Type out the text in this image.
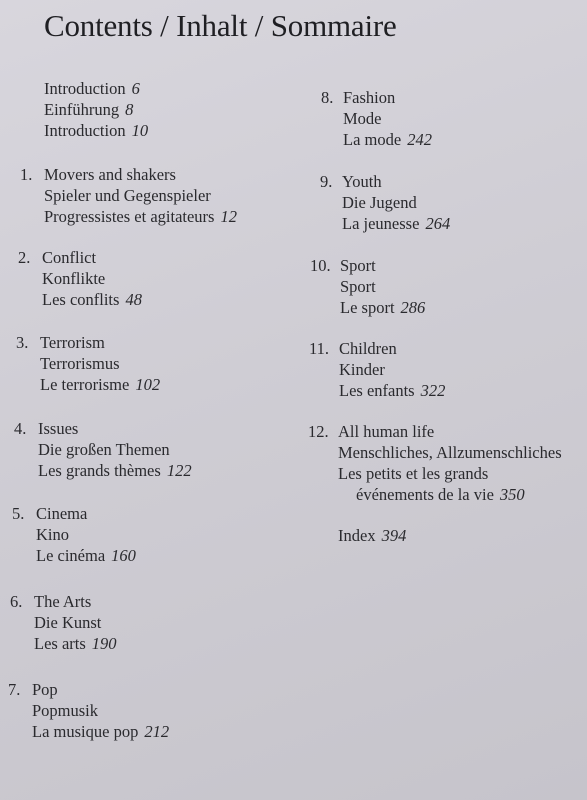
Contents / Inhalt / Sommaire
Introduction 6
Einführung 8
Introduction 10
1. Movers and shakers
Spieler und Gegenspieler
Progressistes et agitateurs 12
2. Conflict
Konflikte
Les conflits 48
3. Terrorism
Terrorismus
Le terrorisme 102
4. Issues
Die großen Themen
Les grands thèmes 122
5. Cinema
Kino
Le cinéma 160
6. The Arts
Die Kunst
Les arts 190
7. Pop
Popmusik
La musique pop 212
8. Fashion
Mode
La mode 242
9. Youth
Die Jugend
La jeunesse 264
10. Sport
Sport
Le sport 286
11. Children
Kinder
Les enfants 322
12. All human life
Menschliches, Allzumenschliches
Les petits et les grands
événements de la vie 350
Index 394
